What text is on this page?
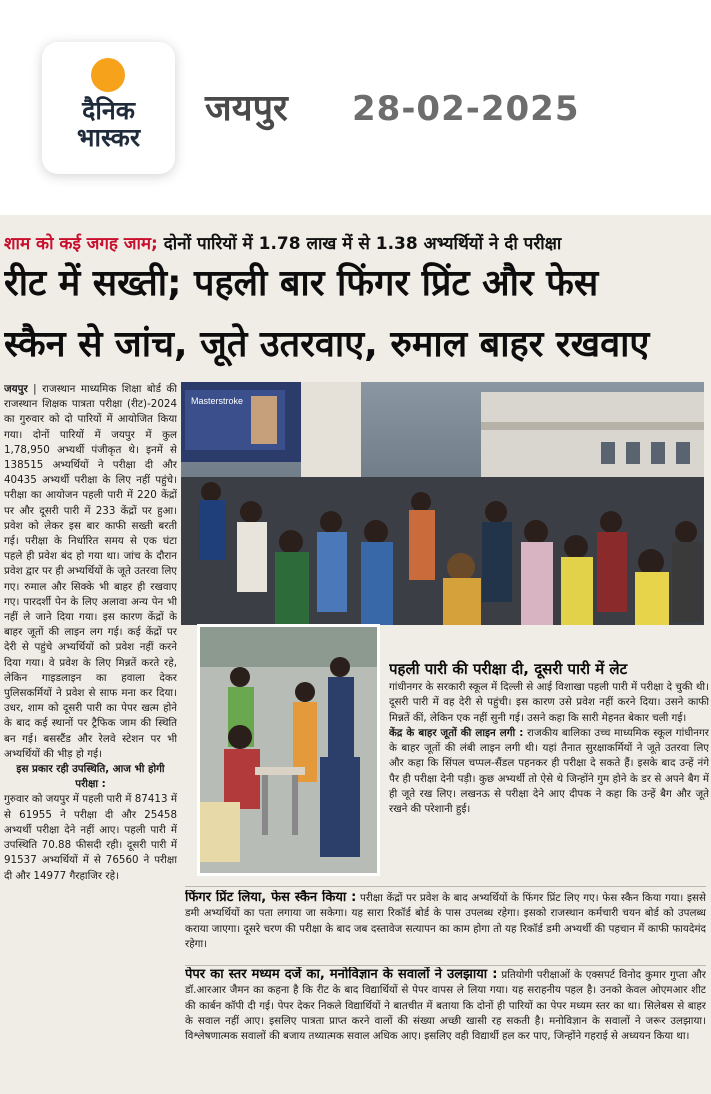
दैनिक
भास्कर
जयपुर 28-02-2025
शाम को कई जगह जाम; दोनों पारियों में 1.78 लाख में से 1.38 अभ्यर्थियों ने दी परीक्षा
रीट में सख्ती; पहली बार फिंगर प्रिंट और फेस
स्कैन से जांच, जूते उतरवाए, रुमाल बाहर रखवाए

जयपुर | राजस्थान माध्यमिक शिक्षा बोर्ड की राजस्थान शिक्षक पात्रता परीक्षा (रीट)-2024 का गुरुवार को दो पारियों में आयोजित किया गया। दोनों पारियों में जयपुर में कुल 1,78,950 अभ्यर्थी पंजीकृत थे। इनमें से 138515 अभ्यर्थियों ने परीक्षा दी और 40435 अभ्यर्थी परीक्षा के लिए नहीं पहुंचे। परीक्षा का आयोजन पहली पारी में 220 केंद्रों पर और दूसरी पारी में 233 केंद्रों पर हुआ। प्रवेश को लेकर इस बार काफी सख्ती बरती गई। परीक्षा के निर्धारित समय से एक घंटा पहले ही प्रवेश बंद हो गया था। जांच के दौरान प्रवेश द्वार पर ही अभ्यर्थियों के जूते उतरवा लिए गए। रुमाल और सिक्के भी बाहर ही रखवाए गए। पारदर्शी पेन के लिए अलावा अन्य पेन भी नहीं ले जाने दिया गया। इस कारण केंद्रों के बाहर जूतों की लाइन लग गई। कई केंद्रों पर देरी से पहुंचे अभ्यर्थियों को प्रवेश नहीं करने दिया गया। वे प्रवेश के लिए मिन्नतें करते रहे, लेकिन गाइडलाइन का हवाला देकर पुलिसकर्मियों ने प्रवेश से साफ मना कर दिया। उधर, शाम को दूसरी पारी का पेपर खत्म होने के बाद कई स्थानों पर ट्रैफिक जाम की स्थिति बन गई। बसस्टैंड और रेलवे स्टेशन पर भी अभ्यर्थियों की भीड़ हो गई।

इस प्रकार रही उपस्थिति, आज भी होगी परीक्षा :

गुरुवार को जयपुर में पहली पारी में 87413 में से 61955 ने परीक्षा दी और 25458 अभ्यर्थी परीक्षा देने नहीं आए। पहली पारी में उपस्थिति 70.88 फीसदी रही। दूसरी पारी में 91537 अभ्यर्थियों में से 76560 ने परीक्षा दी और 14977 गैरहाजिर रहे।

Masterstroke
पहली पारी की परीक्षा दी, दूसरी पारी में लेट

गांधीनगर के सरकारी स्कूल में दिल्ली से आई विशाखा पहली पारी में परीक्षा दे चुकी थी। दूसरी पारी में वह देरी से पहुंची। इस कारण उसे प्रवेश नहीं करने दिया। उसने काफी मिन्नतें कीं, लेकिन एक नहीं सुनी गई। उसने कहा कि सारी मेहनत बेकार चली गई।

केंद्र के बाहर जूतों की लाइन लगी : राजकीय बालिका उच्च माध्यमिक स्कूल गांधीनगर के बाहर जूतों की लंबी लाइन लगी थी। यहां तैनात सुरक्षाकर्मियों ने जूते उतरवा लिए और कहा कि सिंपल चप्पल-सैंडल पहनकर ही परीक्षा दे सकते हैं। इसके बाद उन्हें नंगे पैर ही परीक्षा देनी पड़ी। कुछ अभ्यर्थी तो ऐसे थे जिन्होंने गुम होने के डर से अपने बैग में ही जूते रख लिए। लखनऊ से परीक्षा देने आए दीपक ने कहा कि उन्हें बैग और जूते रखने की परेशानी हुई।

फिंगर प्रिंट लिया, फेस स्कैन किया : परीक्षा केंद्रों पर प्रवेश के बाद अभ्यर्थियों के फिंगर प्रिंट लिए गए। फेस स्कैन किया गया। इससे डमी अभ्यर्थियों का पता लगाया जा सकेगा। यह सारा रिकॉर्ड बोर्ड के पास उपलब्ध रहेगा। इसको राजस्थान कर्मचारी चयन बोर्ड को उपलब्ध कराया जाएगा। दूसरे चरण की परीक्षा के बाद जब दस्तावेज सत्यापन का काम होगा तो यह रिकॉर्ड डमी अभ्यर्थी की पहचान में काफी फायदेमंद रहेगा।
पेपर का स्तर मध्यम दर्जे का, मनोविज्ञान के सवालों ने उलझाया : प्रतियोगी परीक्षाओं के एक्सपर्ट विनोद कुमार गुप्ता और डॉ.आरआर जैमन का कहना है कि रीट के बाद विद्यार्थियों से पेपर वापस ले लिया गया। यह सराहनीय पहल है। उनको केवल ओएमआर शीट की कार्बन कॉपी दी गई। पेपर देकर निकले विद्यार्थियों ने बातचीत में बताया कि दोनों ही पारियों का पेपर मध्यम स्तर का था। सिलेबस से बाहर के सवाल नहीं आए। इसलिए पात्रता प्राप्त करने वालों की संख्या अच्छी खासी रह सकती है। मनोविज्ञान के सवालों ने जरूर उलझाया। विश्लेषणात्मक सवालों की बजाय तथ्यात्मक सवाल अधिक आए। इसलिए वही विद्यार्थी हल कर पाए, जिन्होंने गहराई से अध्ययन किया था।
